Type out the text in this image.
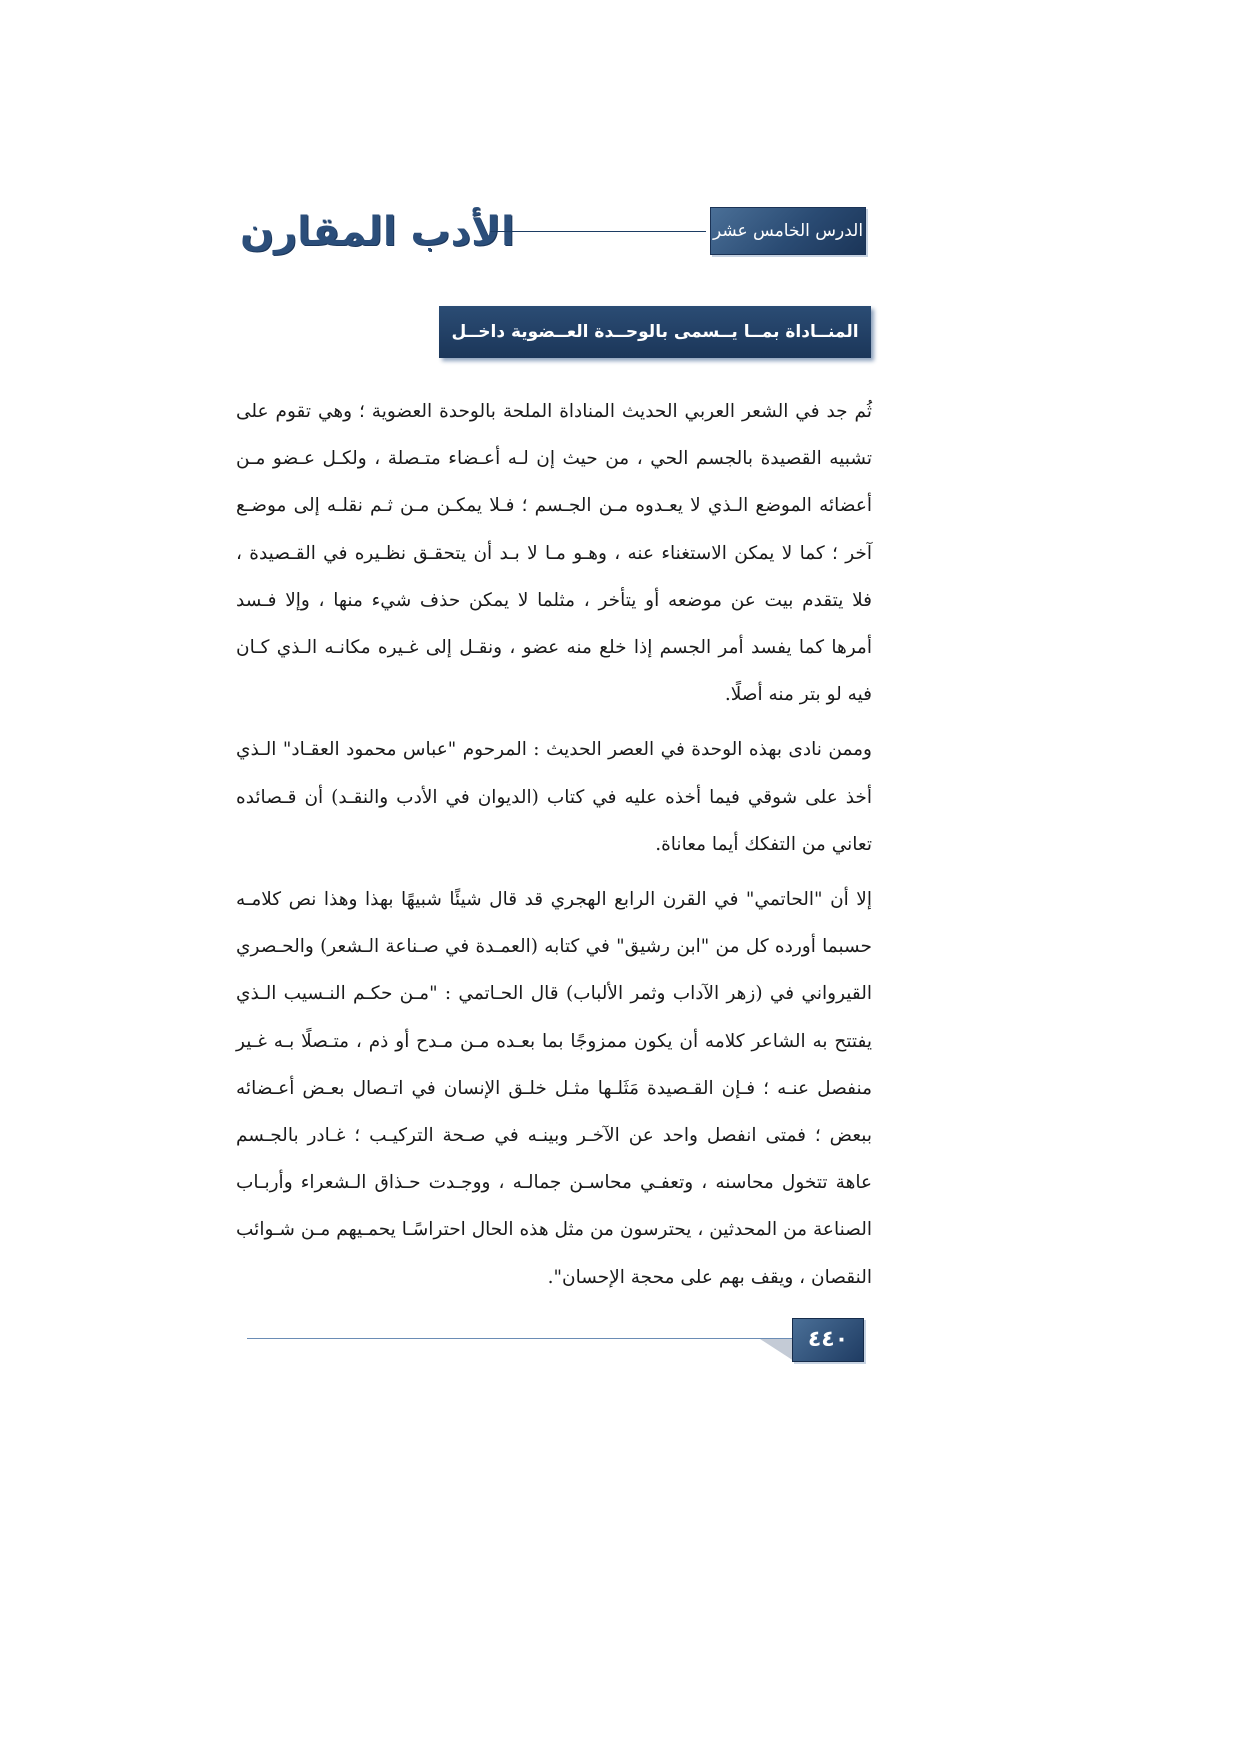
الأدب المقارن	الدرس الخامس عشر
المنــاداة بمــا يــسمى بالوحــدة العــضوية داخــل القــصيدة

ثُم جد في الشعر العربي الحديث المناداة الملحة بالوحدة العضوية ؛ وهي تقوم على تشبيه القصيدة بالجسم الحي ، من حيث إن لـه أعـضاء متـصلة ، ولكـل عـضو مـن أعضائه الموضع الـذي لا يعـدوه مـن الجـسم ؛ فـلا يمكـن مـن ثـم نقلـه إلى موضـع آخر ؛ كما لا يمكن الاستغناء عنه ، وهـو مـا لا بـد أن يتحقـق نظـيره في القـصيدة ، فلا يتقدم بيت عن موضعه أو يتأخر ، مثلما لا يمكن حذف شيء منها ، وإلا فـسد أمرها كما يفسد أمر الجسم إذا خلع منه عضو ، ونقـل إلى غـيره مكانـه الـذي كـان فيه لو بتر منه أصلًا.

وممن نادى بهذه الوحدة في العصر الحديث : المرحوم "عباس محمود العقـاد" الـذي أخذ على شوقي فيما أخذه عليه في كتاب (الديوان في الأدب والنقـد) أن قـصائده تعاني من التفكك أيما معاناة.

إلا أن "الحاتمي" في القرن الرابع الهجري قد قال شيئًا شبيهًا بهذا وهذا نص كلامـه حسبما أورده كل من "ابن رشيق" في كتابه (العمـدة في صـناعة الـشعر) والحـصري القيرواني في (زهر الآداب وثمر الألباب) قال الحـاتمي : "مـن حكـم النـسيب الـذي يفتتح به الشاعر كلامه أن يكون ممزوجًا بما بعـده مـن مـدح أو ذم ، متـصلًا بـه غـير منفصل عنـه ؛ فـإن القـصيدة مَثَلـها مثـل خلـق الإنسان في اتـصال بعـض أعـضائه ببعض ؛ فمتى انفصل واحد عن الآخـر وبينـه في صـحة التركيـب ؛ غـادر بالجـسم عاهة تتخول محاسنه ، وتعفـي محاسـن جمالـه ، ووجـدت حـذاق الـشعراء وأربـاب الصناعة من المحدثين ، يحترسون من مثل هذه الحال احتراسًـا يحمـيهم مـن شـوائب النقصان ، ويقف بهم على محجة الإحسان".

٤٤٠
